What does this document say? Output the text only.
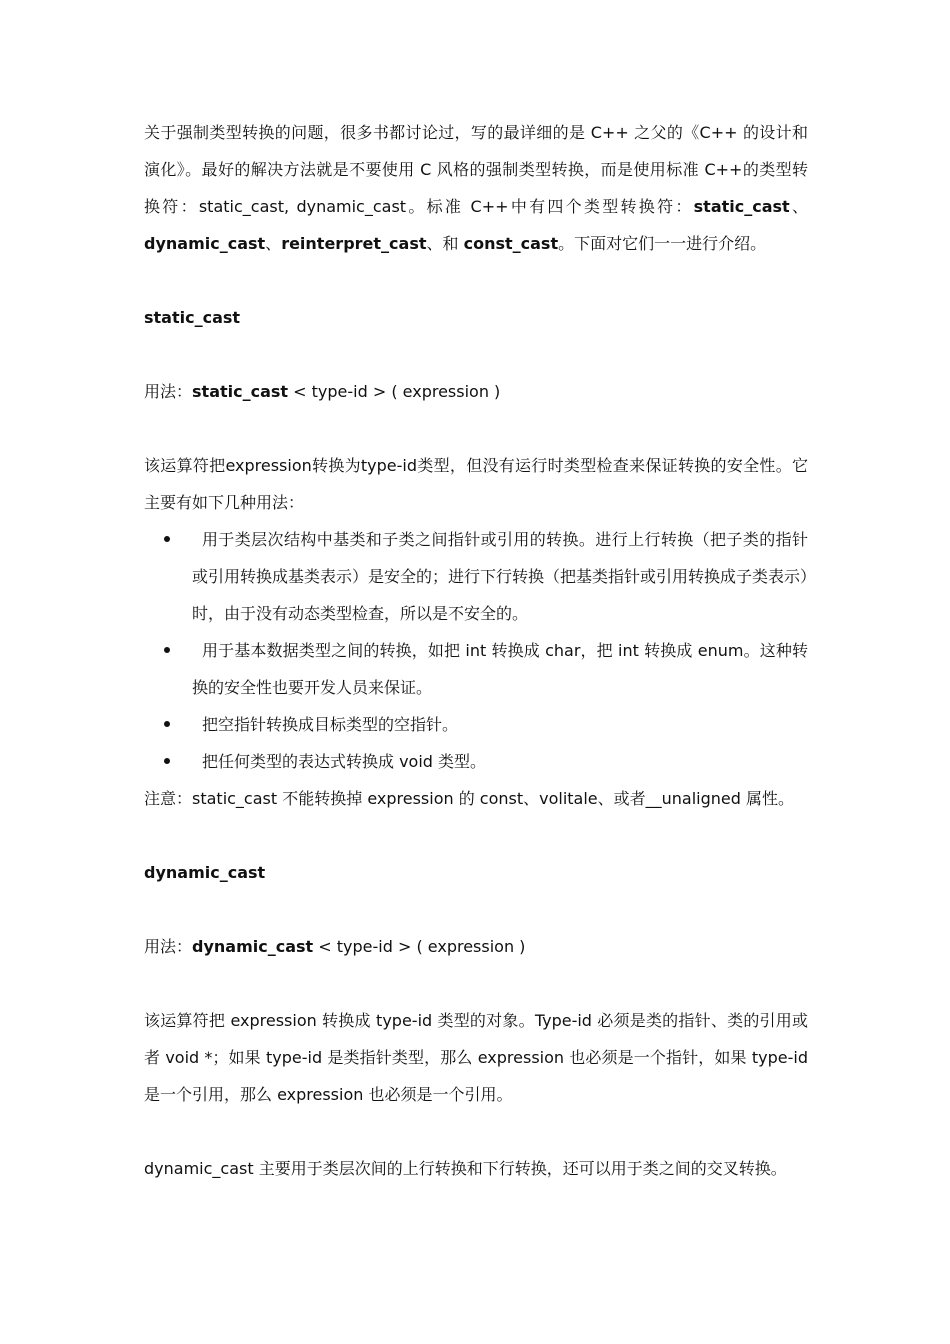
关于强制类型转换的问题，很多书都讨论过，写的最详细的是 C++ 之父的《C++ 的设计和演化》。最好的解决方法就是不要使用 C 风格的强制类型转换，而是使用标准 C++的类型转换符：static_cast, dynamic_cast。标准 C++中有四个类型转换符：static_cast、dynamic_cast、reinterpret_cast、和 const_cast。下面对它们一一进行介绍。

static_cast

用法：static_cast < type-id > ( expression )

该运算符把expression转换为type-id类型，但没有运行时类型检查来保证转换的安全性。它主要有如下几种用法：

用于类层次结构中基类和子类之间指针或引用的转换。进行上行转换（把子类的指针或引用转换成基类表示）是安全的；进行下行转换（把基类指针或引用转换成子类表示）时，由于没有动态类型检查，所以是不安全的。
用于基本数据类型之间的转换，如把 int 转换成 char，把 int 转换成 enum。这种转换的安全性也要开发人员来保证。
把空指针转换成目标类型的空指针。
把任何类型的表达式转换成 void 类型。

注意：static_cast 不能转换掉 expression 的 const、volitale、或者__unaligned 属性。

dynamic_cast

用法：dynamic_cast < type-id > ( expression )

该运算符把 expression 转换成 type-id 类型的对象。Type-id 必须是类的指针、类的引用或者 void *；如果 type-id 是类指针类型，那么 expression 也必须是一个指针，如果 type-id 是一个引用，那么 expression 也必须是一个引用。

dynamic_cast 主要用于类层次间的上行转换和下行转换，还可以用于类之间的交叉转换。
